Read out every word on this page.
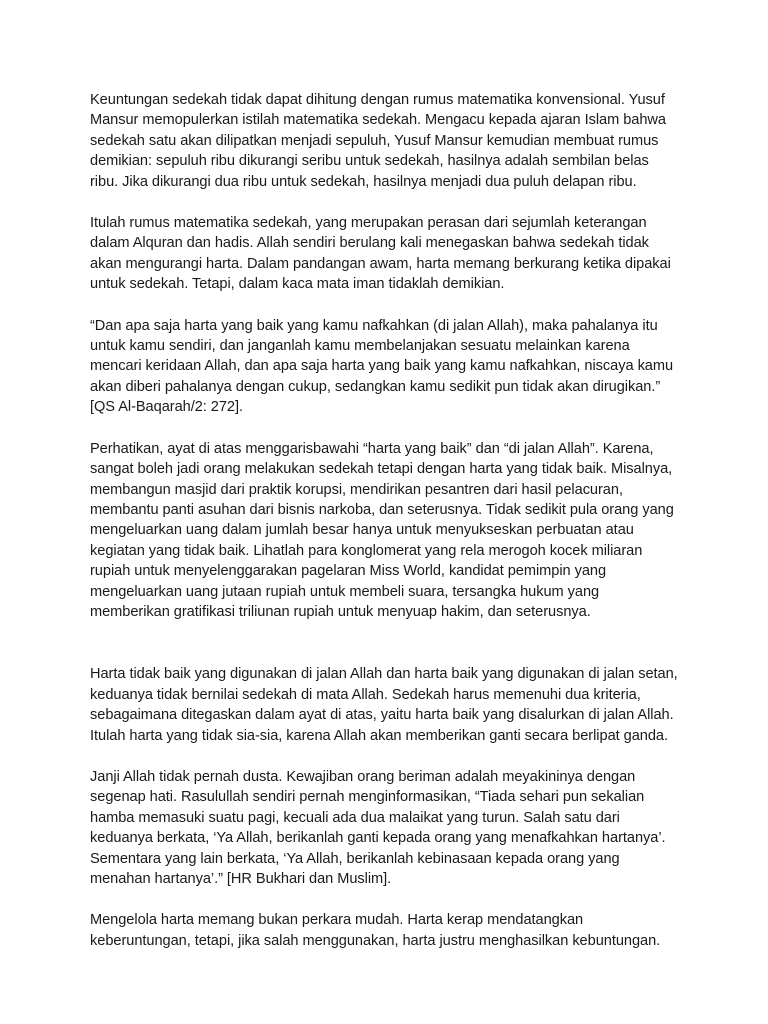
Keuntungan sedekah tidak dapat dihitung dengan rumus matematika konvensional. Yusuf Mansur memopulerkan istilah matematika sedekah. Mengacu kepada ajaran Islam bahwa sedekah satu akan dilipatkan menjadi sepuluh, Yusuf Mansur kemudian membuat rumus demikian: sepuluh ribu dikurangi seribu untuk sedekah, hasilnya adalah sembilan belas ribu. Jika dikurangi dua ribu untuk sedekah, hasilnya menjadi dua puluh delapan ribu.

Itulah rumus matematika sedekah, yang merupakan perasan dari sejumlah keterangan dalam Alquran dan hadis. Allah sendiri berulang kali menegaskan bahwa sedekah tidak akan mengurangi harta. Dalam pandangan awam, harta memang berkurang ketika dipakai untuk sedekah. Tetapi, dalam kaca mata iman tidaklah demikian.

“Dan apa saja harta yang baik yang kamu nafkahkan (di jalan Allah), maka pahalanya itu untuk kamu sendiri, dan janganlah kamu membelanjakan sesuatu melainkan karena mencari keridaan Allah, dan apa saja harta yang baik yang kamu nafkahkan, niscaya kamu akan diberi pahalanya dengan cukup, sedangkan kamu sedikit pun tidak akan dirugikan.” [QS Al-Baqarah/2: 272].

Perhatikan, ayat di atas menggarisbawahi “harta yang baik” dan “di jalan Allah”. Karena, sangat boleh jadi orang melakukan sedekah tetapi dengan harta yang tidak baik. Misalnya, membangun masjid dari praktik korupsi, mendirikan pesantren dari hasil pelacuran, membantu panti asuhan dari bisnis narkoba, dan seterusnya. Tidak sedikit pula orang yang mengeluarkan uang dalam jumlah besar hanya untuk menyukseskan perbuatan atau kegiatan yang tidak baik. Lihatlah para konglomerat yang rela merogoh kocek miliaran rupiah untuk menyelenggarakan pagelaran Miss World, kandidat pemimpin yang mengeluarkan uang jutaan rupiah untuk membeli suara, tersangka hukum yang memberikan gratifikasi triliunan rupiah untuk menyuap hakim, dan seterusnya.

Harta tidak baik yang digunakan di jalan Allah dan harta baik yang digunakan di jalan setan, keduanya tidak bernilai sedekah di mata Allah. Sedekah harus memenuhi dua kriteria, sebagaimana ditegaskan dalam ayat di atas, yaitu harta baik yang disalurkan di jalan Allah. Itulah harta yang tidak sia-sia, karena Allah akan memberikan ganti secara berlipat ganda.

Janji Allah tidak pernah dusta. Kewajiban orang beriman adalah meyakininya dengan segenap hati. Rasulullah sendiri pernah menginformasikan, “Tiada sehari pun sekalian hamba memasuki suatu pagi, kecuali ada dua malaikat yang turun. Salah satu dari keduanya berkata, ‘Ya Allah, berikanlah ganti kepada orang yang menafkahkan hartanya’. Sementara yang lain berkata, ‘Ya Allah, berikanlah kebinasaan kepada orang yang menahan hartanya’.” [HR Bukhari dan Muslim].

Mengelola harta memang bukan perkara mudah. Harta kerap mendatangkan keberuntungan, tetapi, jika salah menggunakan, harta justru menghasilkan kebuntungan.
